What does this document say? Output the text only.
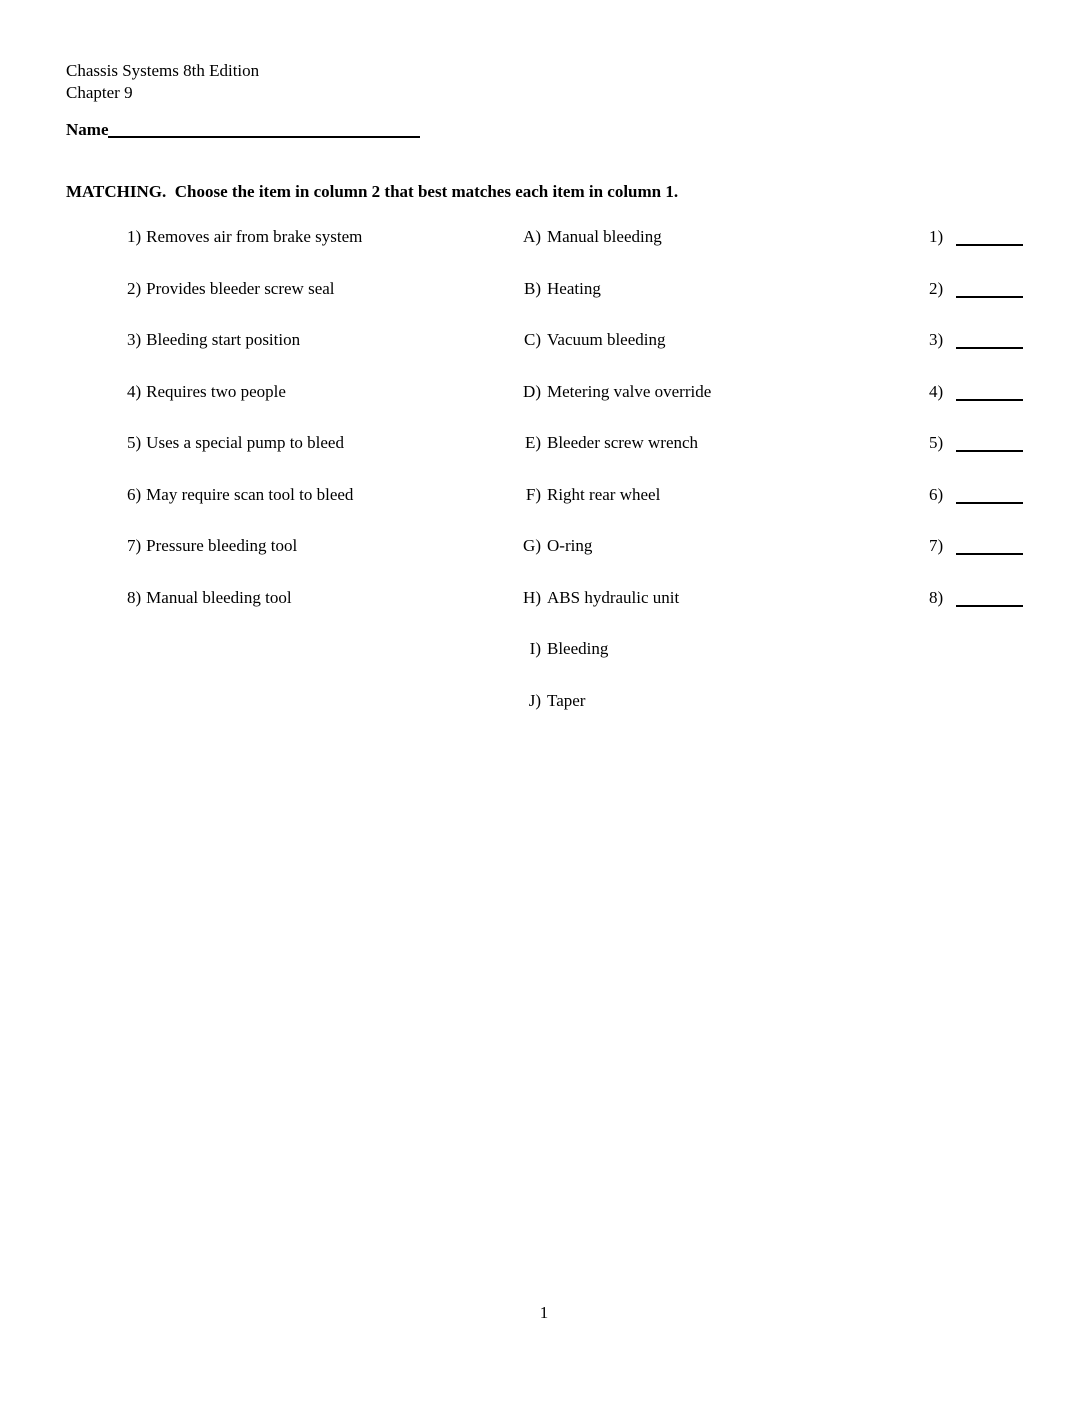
Chassis Systems 8th Edition
Chapter 9
Name
MATCHING.  Choose the item in column 2 that best matches each item in column 1.
1) Removes air from brake system	A) Manual bleeding	1)
2) Provides bleeder screw seal	B) Heating	2)
3) Bleeding start position	C) Vacuum bleeding	3)
4) Requires two people	D) Metering valve override	4)
5) Uses a special pump to bleed	E) Bleeder screw wrench	5)
6) May require scan tool to bleed	F) Right rear wheel	6)
7) Pressure bleeding tool	G) O-ring	7)
8) Manual bleeding tool	H) ABS hydraulic unit	8)
I) Bleeding
J) Taper
1
